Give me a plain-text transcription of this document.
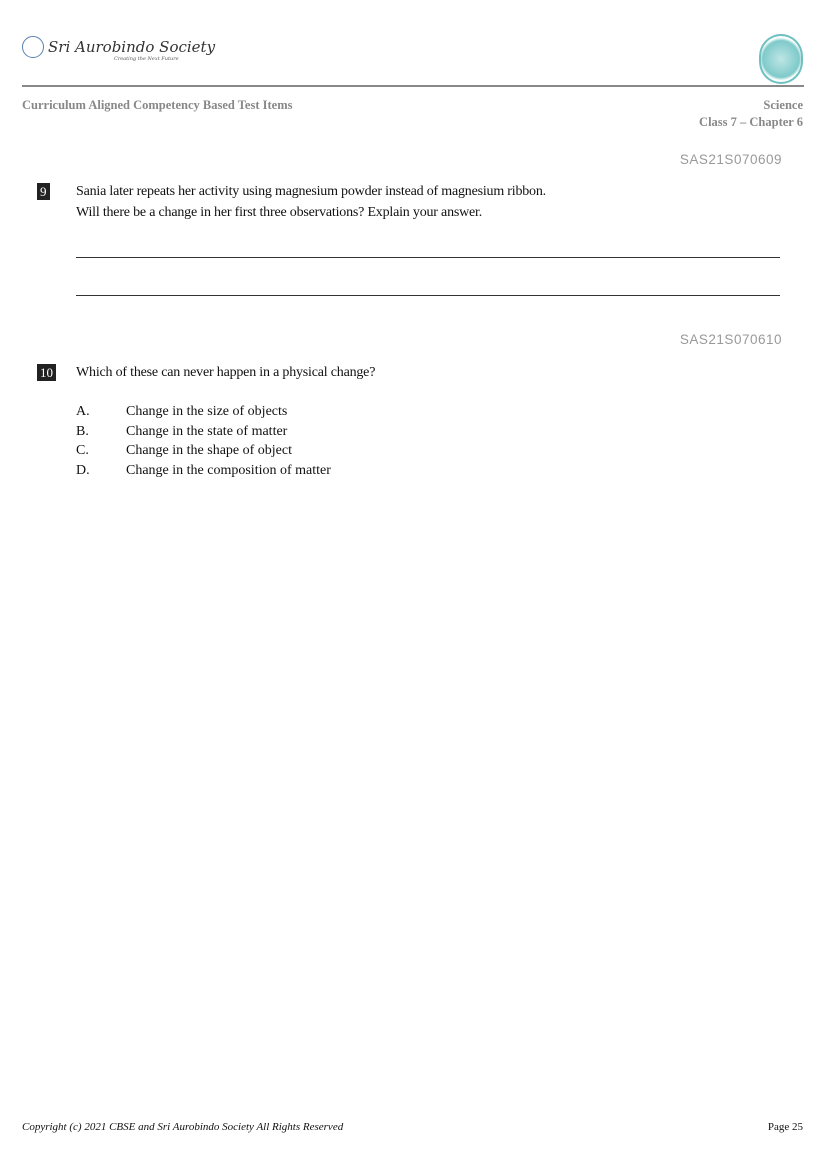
Sri Aurobindo Society
Creating the Next Future
Curriculum Aligned Competency Based Test Items	Science
Class 7 – Chapter 6
SAS21S070609
9 Sania later repeats her activity using magnesium powder instead of magnesium ribbon.
Will there be a change in her first three observations? Explain your answer.
SAS21S070610
10 Which of these can never happen in a physical change?
A.	Change in the size of objects
B.	Change in the state of matter
C.	Change in the shape of object
D.	Change in the composition of matter
Copyright (c) 2021 CBSE and Sri Aurobindo Society All Rights Reserved	Page 25
